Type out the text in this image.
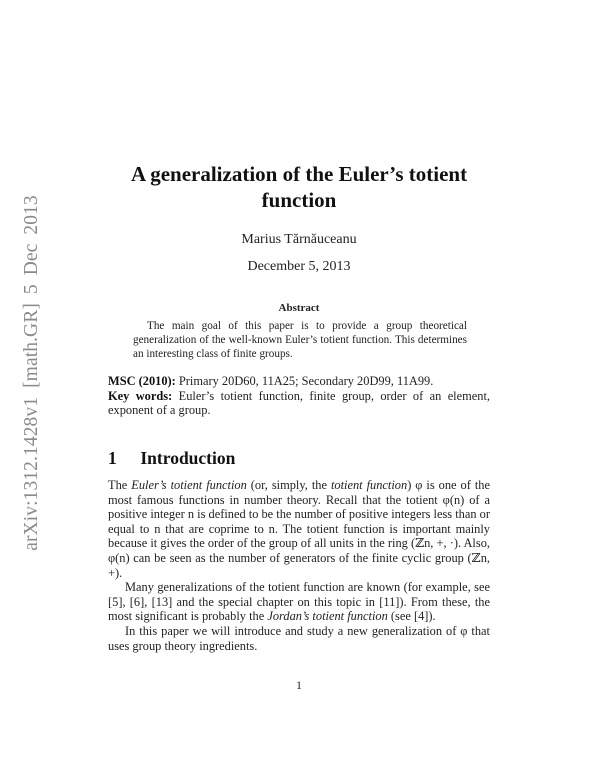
arXiv:1312.1428v1 [math.GR] 5 Dec 2013
A generalization of the Euler’s totient function
Marius Tărnăuceanu
December 5, 2013
Abstract
The main goal of this paper is to provide a group theoretical generalization of the well-known Euler’s totient function. This determines an interesting class of finite groups.
MSC (2010): Primary 20D60, 11A25; Secondary 20D99, 11A99.
Key words: Euler’s totient function, finite group, order of an element, exponent of a group.
1 Introduction

The Euler’s totient function (or, simply, the totient function) φ is one of the most famous functions in number theory. Recall that the totient φ(n) of a positive integer n is defined to be the number of positive integers less than or equal to n that are coprime to n. The totient function is important mainly because it gives the order of the group of all units in the ring (ℤn, +, ·). Also, φ(n) can be seen as the number of generators of the finite cyclic group (ℤn, +).

Many generalizations of the totient function are known (for example, see [5], [6], [13] and the special chapter on this topic in [11]). From these, the most significant is probably the Jordan’s totient function (see [4]).

In this paper we will introduce and study a new generalization of φ that uses group theory ingredients.

1
